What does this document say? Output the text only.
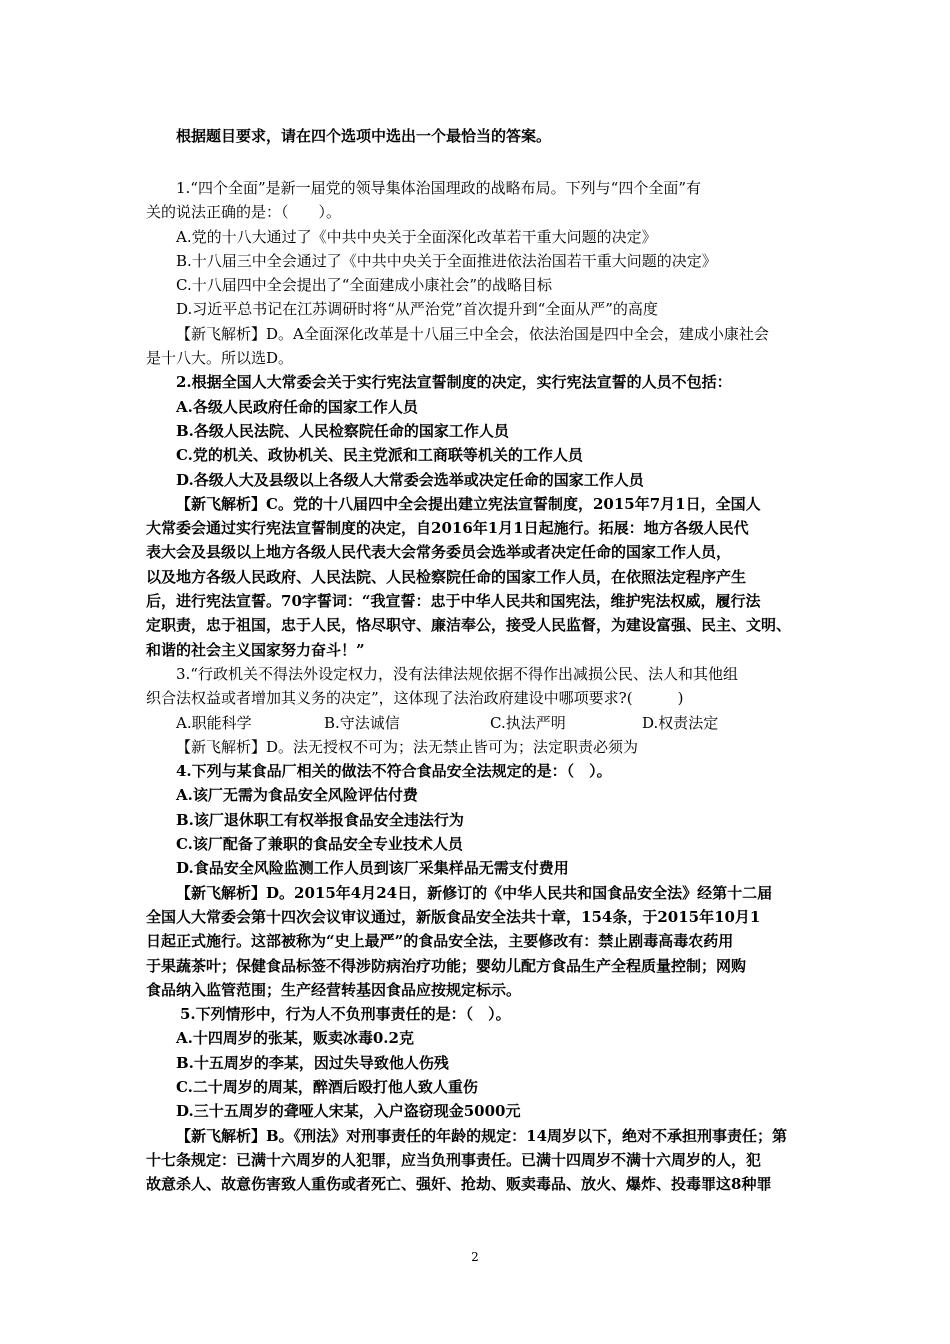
根据题目要求，请在四个选项中选出一个最恰当的答案。
1.“四个全面”是新一届党的领导集体治国理政的战略布局。下列与“四个全面”有
关的说法正确的是：（　　）。
A.党的十八大通过了《中共中央关于全面深化改革若干重大问题的决定》
B.十八届三中全会通过了《中共中央关于全面推进依法治国若干重大问题的决定》
C.十八届四中全会提出了“全面建成小康社会”的战略目标
D.习近平总书记在江苏调研时将“从严治党”首次提升到“全面从严”的高度
【新飞解析】D。A全面深化改革是十八届三中全会，依法治国是四中全会，建成小康社会
是十八大。所以选D。
2.根据全国人大常委会关于实行宪法宣誓制度的决定，实行宪法宣誓的人员不包括：
A.各级人民政府任命的国家工作人员
B.各级人民法院、人民检察院任命的国家工作人员
C.党的机关、政协机关、民主党派和工商联等机关的工作人员
D.各级人大及县级以上各级人大常委会选举或决定任命的国家工作人员
【新飞解析】C。党的十八届四中全会提出建立宪法宣誓制度，2015年7月1日，全国人
大常委会通过实行宪法宣誓制度的决定，自2016年1月1日起施行。拓展：地方各级人民代
表大会及县级以上地方各级人民代表大会常务委员会选举或者决定任命的国家工作人员，
以及地方各级人民政府、人民法院、人民检察院任命的国家工作人员，在依照法定程序产生
后，进行宪法宣誓。70字誓词：“我宣誓：忠于中华人民共和国宪法，维护宪法权威，履行法
定职责，忠于祖国，忠于人民，恪尽职守、廉洁奉公，接受人民监督，为建设富强、民主、文明、
和谐的社会主义国家努力奋斗！”
3.“行政机关不得法外设定权力，没有法律法规依据不得作出减损公民、法人和其他组
织合法权益或者增加其义务的决定”，这体现了法治政府建设中哪项要求?(　　　)
A.职能科学	B.守法诚信	C.执法严明	D.权责法定
【新飞解析】D。法无授权不可为；法无禁止皆可为；法定职责必须为
4.下列与某食品厂相关的做法不符合食品安全法规定的是：（　）。
A.该厂无需为食品安全风险评估付费
B.该厂退休职工有权举报食品安全违法行为
C.该厂配备了兼职的食品安全专业技术人员
D.食品安全风险监测工作人员到该厂采集样品无需支付费用
【新飞解析】D。2015年4月24日，新修订的《中华人民共和国食品安全法》经第十二届
全国人大常委会第十四次会议审议通过，新版食品安全法共十章，154条，于2015年10月1
日起正式施行。这部被称为“史上最严”的食品安全法，主要修改有：禁止剧毒高毒农药用
于果蔬茶叶；保健食品标签不得涉防病治疗功能；婴幼儿配方食品生产全程质量控制；网购
食品纳入监管范围；生产经营转基因食品应按规定标示。
5.下列情形中，行为人不负刑事责任的是：（　）。
A.十四周岁的张某，贩卖冰毒0.2克
B.十五周岁的李某，因过失导致他人伤残
C.二十周岁的周某，醉酒后殴打他人致人重伤
D.三十五周岁的聋哑人宋某，入户盗窃现金5000元
【新飞解析】B。《刑法》对刑事责任的年龄的规定：14周岁以下，绝对不承担刑事责任；第
十七条规定：已满十六周岁的人犯罪，应当负刑事责任。已满十四周岁不满十六周岁的人，犯
故意杀人、故意伤害致人重伤或者死亡、强奸、抢劫、贩卖毒品、放火、爆炸、投毒罪这8种罪
2
